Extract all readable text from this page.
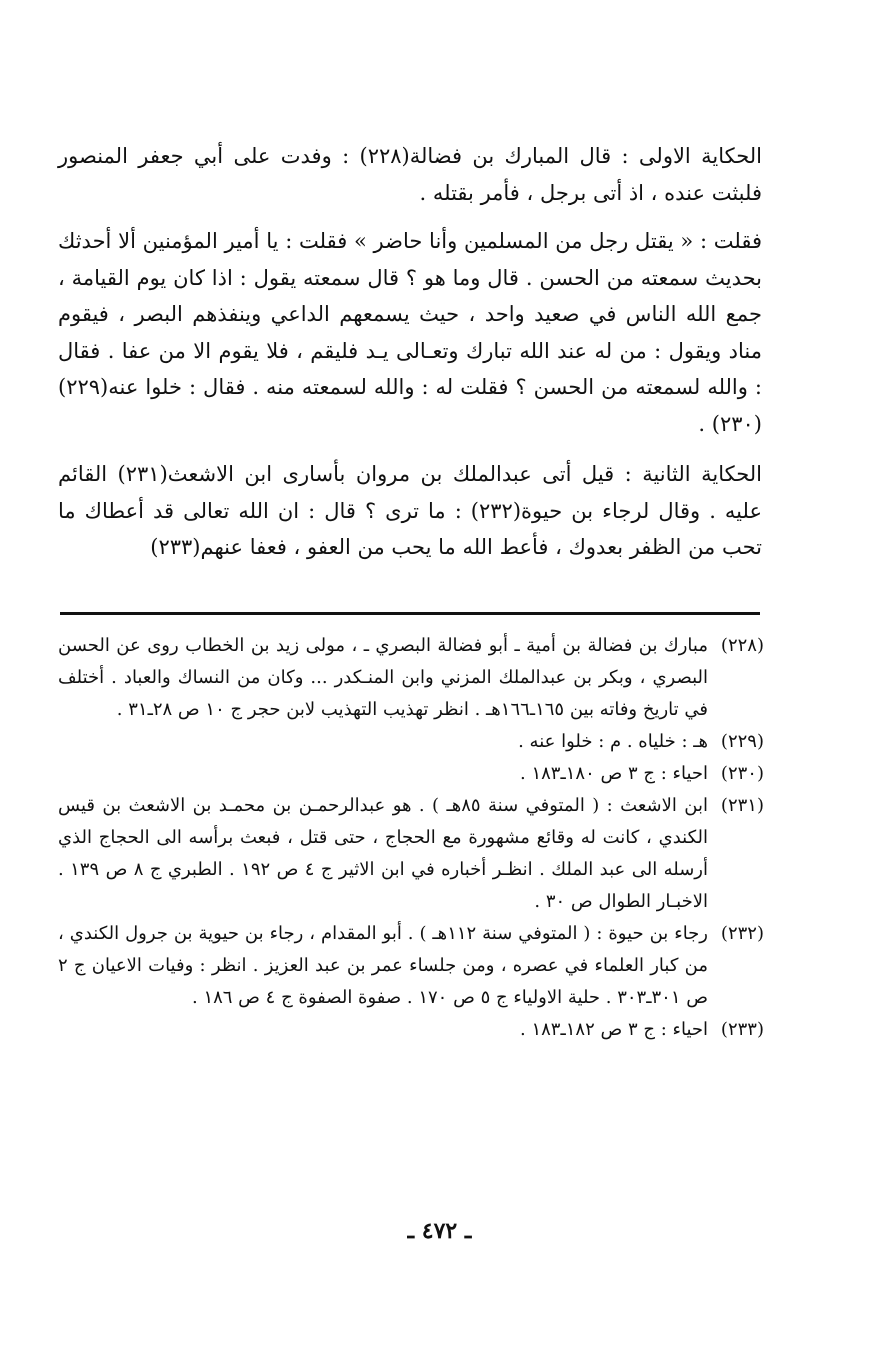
الحكاية الاولى : قال المبارك بن فضالة(٢٢٨) : وفدت على أبي جعفر المنصور فلبثت عنده ، اذ أتى برجل ، فأمر بقتله .

فقلت : « يقتل رجل من المسلمين وأنا حاضر » فقلت : يا أمير المؤمنين ألا أحدثك بحديث سمعته من الحسن . قال وما هو ؟ قال سمعته يقول : اذا كان يوم القيامة ، جمع الله الناس في صعيد واحد ، حيث يسمعهم الداعي وينفذهم البصر ، فيقوم مناد ويقول : من له عند الله تبارك وتعـالى يـد فليقم ، فلا يقوم الا من عفا . فقال : والله لسمعته من الحسن ؟ فقلت له : والله لسمعته منه . فقال : خلوا عنه(٢٢٩)(٢٣٠) .

الحكاية الثانية : قيل أتى عبدالملك بن مروان بأسارى ابن الاشعث(٢٣١) القائم عليه . وقال لرجاء بن حيوة(٢٣٢) : ما ترى ؟ قال : ان الله تعالى قد أعطاك ما تحب من الظفر بعدوك ، فأعط الله ما يحب من العفو ، فعفا عنهم(٢٣٣)

(٢٢٨)
مبارك بن فضالة بن أمية ـ أبو فضالة البصري ـ ، مولى زيد بن الخطاب روى عن الحسن البصري ، وبكر بن عبدالملك المزني وابن المنـكدر ... وكان من النساك والعباد . أختلف في تاريخ وفاته بين ١٦٥ـ١٦٦هـ . انظر تهذيب التهذيب لابن حجر ج ١٠ ص ٢٨ـ٣١ .
(٢٢٩)
هـ : خلياه . م : خلوا عنه .
(٢٣٠)
احياء : ج ٣ ص ١٨٠ـ١٨٣ .
(٢٣١)
ابن الاشعث : ( المتوفي سنة ٨٥هـ ) . هو عبدالرحمـن بن محمـد بن الاشعث بن قيس الكندي ، كانت له وقائع مشهورة مع الحجاج ، حتى قتل ، فبعث برأسه الى الحجاج الذي أرسله الى عبد الملك . انظـر أخباره في ابن الاثير ج ٤ ص ١٩٢ . الطبري ج ٨ ص ١٣٩ . الاخبـار الطوال ص ٣٠ .
(٢٣٢)
رجاء بن حيوة : ( المتوفي سنة ١١٢هـ ) . أبو المقدام ، رجاء بن حيوية بن جرول الكندي ، من كبار العلماء في عصره ، ومن جلساء عمر بن عبد العزيز . انظر : وفيات الاعيان ج ٢ ص ٣٠١ـ٣٠٣ . حلية الاولياء ج ٥ ص ١٧٠ . صفوة الصفوة ج ٤ ص ١٨٦ .
(٢٣٣)
احياء : ج ٣ ص ١٨٢ـ١٨٣ .
ـ ٤٧٢ ـ
